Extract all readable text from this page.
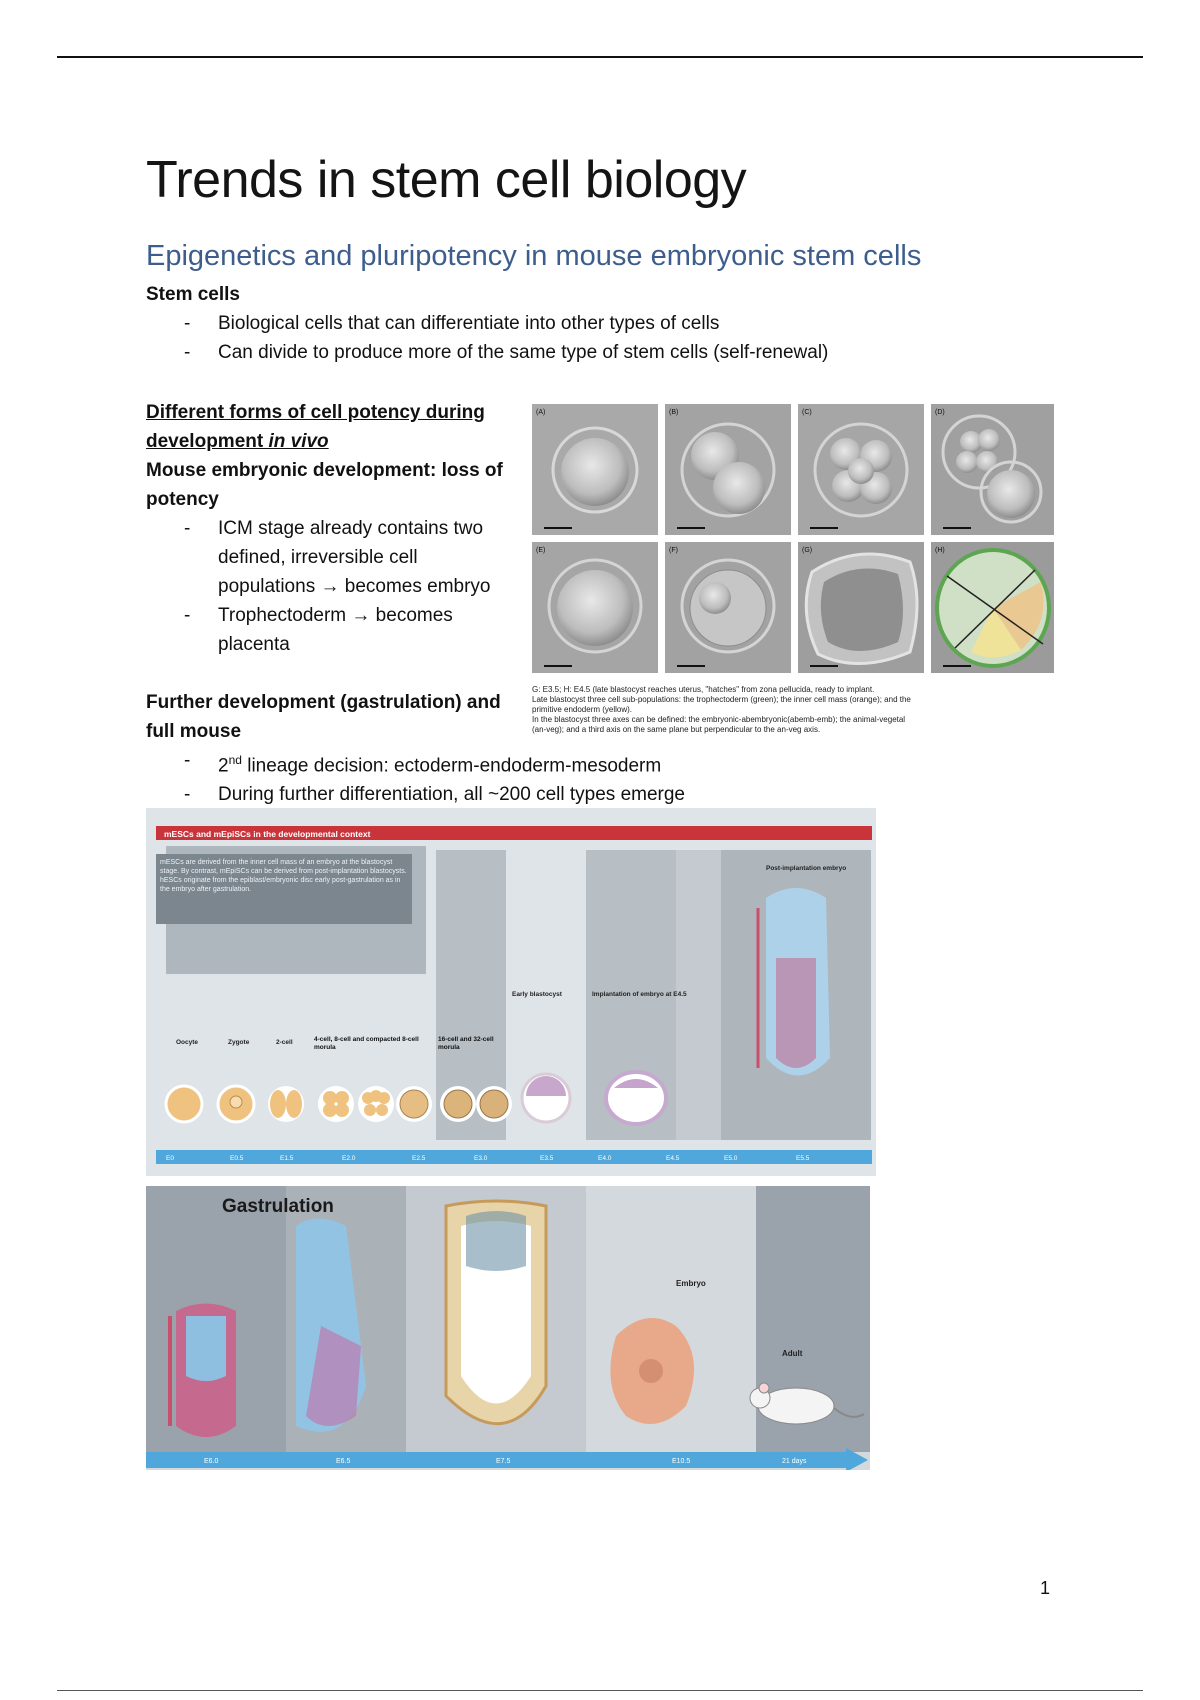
Trends in stem cell biology
Epigenetics and pluripotency in mouse embryonic stem cells
Stem cells
- Biological cells that can differentiate into other types of cells
- Can divide to produce more of the same type of stem cells (self-renewal)
Different forms of cell potency during development in vivo
Mouse embryonic development: loss of potency
- ICM stage already contains two defined, irreversible cell populations → becomes embryo
- Trophectoderm → becomes placenta
Further development (gastrulation) and full mouse
- 2nd lineage decision: ectoderm-endoderm-mesoderm
- During further differentiation, all ~200 cell types emerge
(A)	(B)	(C)	(D)
(E)	(F)	(G)	(H)
G: E3.5; H: E4.5 (late blastocyst reaches uterus, "hatches" from zona pellucida, ready to implant.
Late blastocyst three cell sub-populations: the trophectoderm (green); the inner cell mass (orange); and the
primitive endoderm (yellow).
In the blastocyst three axes can be defined: the embryonic-abembryonic(abemb-emb); the animal-vegetal
(an-veg); and a third axis on the same plane but perpendicular to the an-veg axis.
mESCs and mEpiSCs in the developmental context
mESCs are derived from the inner cell mass of an embryo at the blastocyst stage. By contrast, mEpiSCs can be derived from post-implantation blastocysts. hESCs originate from the epiblast/embryonic disc early post-gastrulation as in the embryo after gastrulation.
Oocyte	Zygote	2-cell	4-cell, 8-cell and compacted 8-cell morula
16-cell and 32-cell morula
Early blastocyst	Implantation of embryo at E4.5
Post-implantation embryo
E0	E0.5	E1.5	E2.0	E2.5	E3.0	E3.5	E4.0	E4.5	E5.0	E5.5
Gastrulation
Embryo
Adult
E6.0	E6.5	E7.5	E10.5	21 days
1
